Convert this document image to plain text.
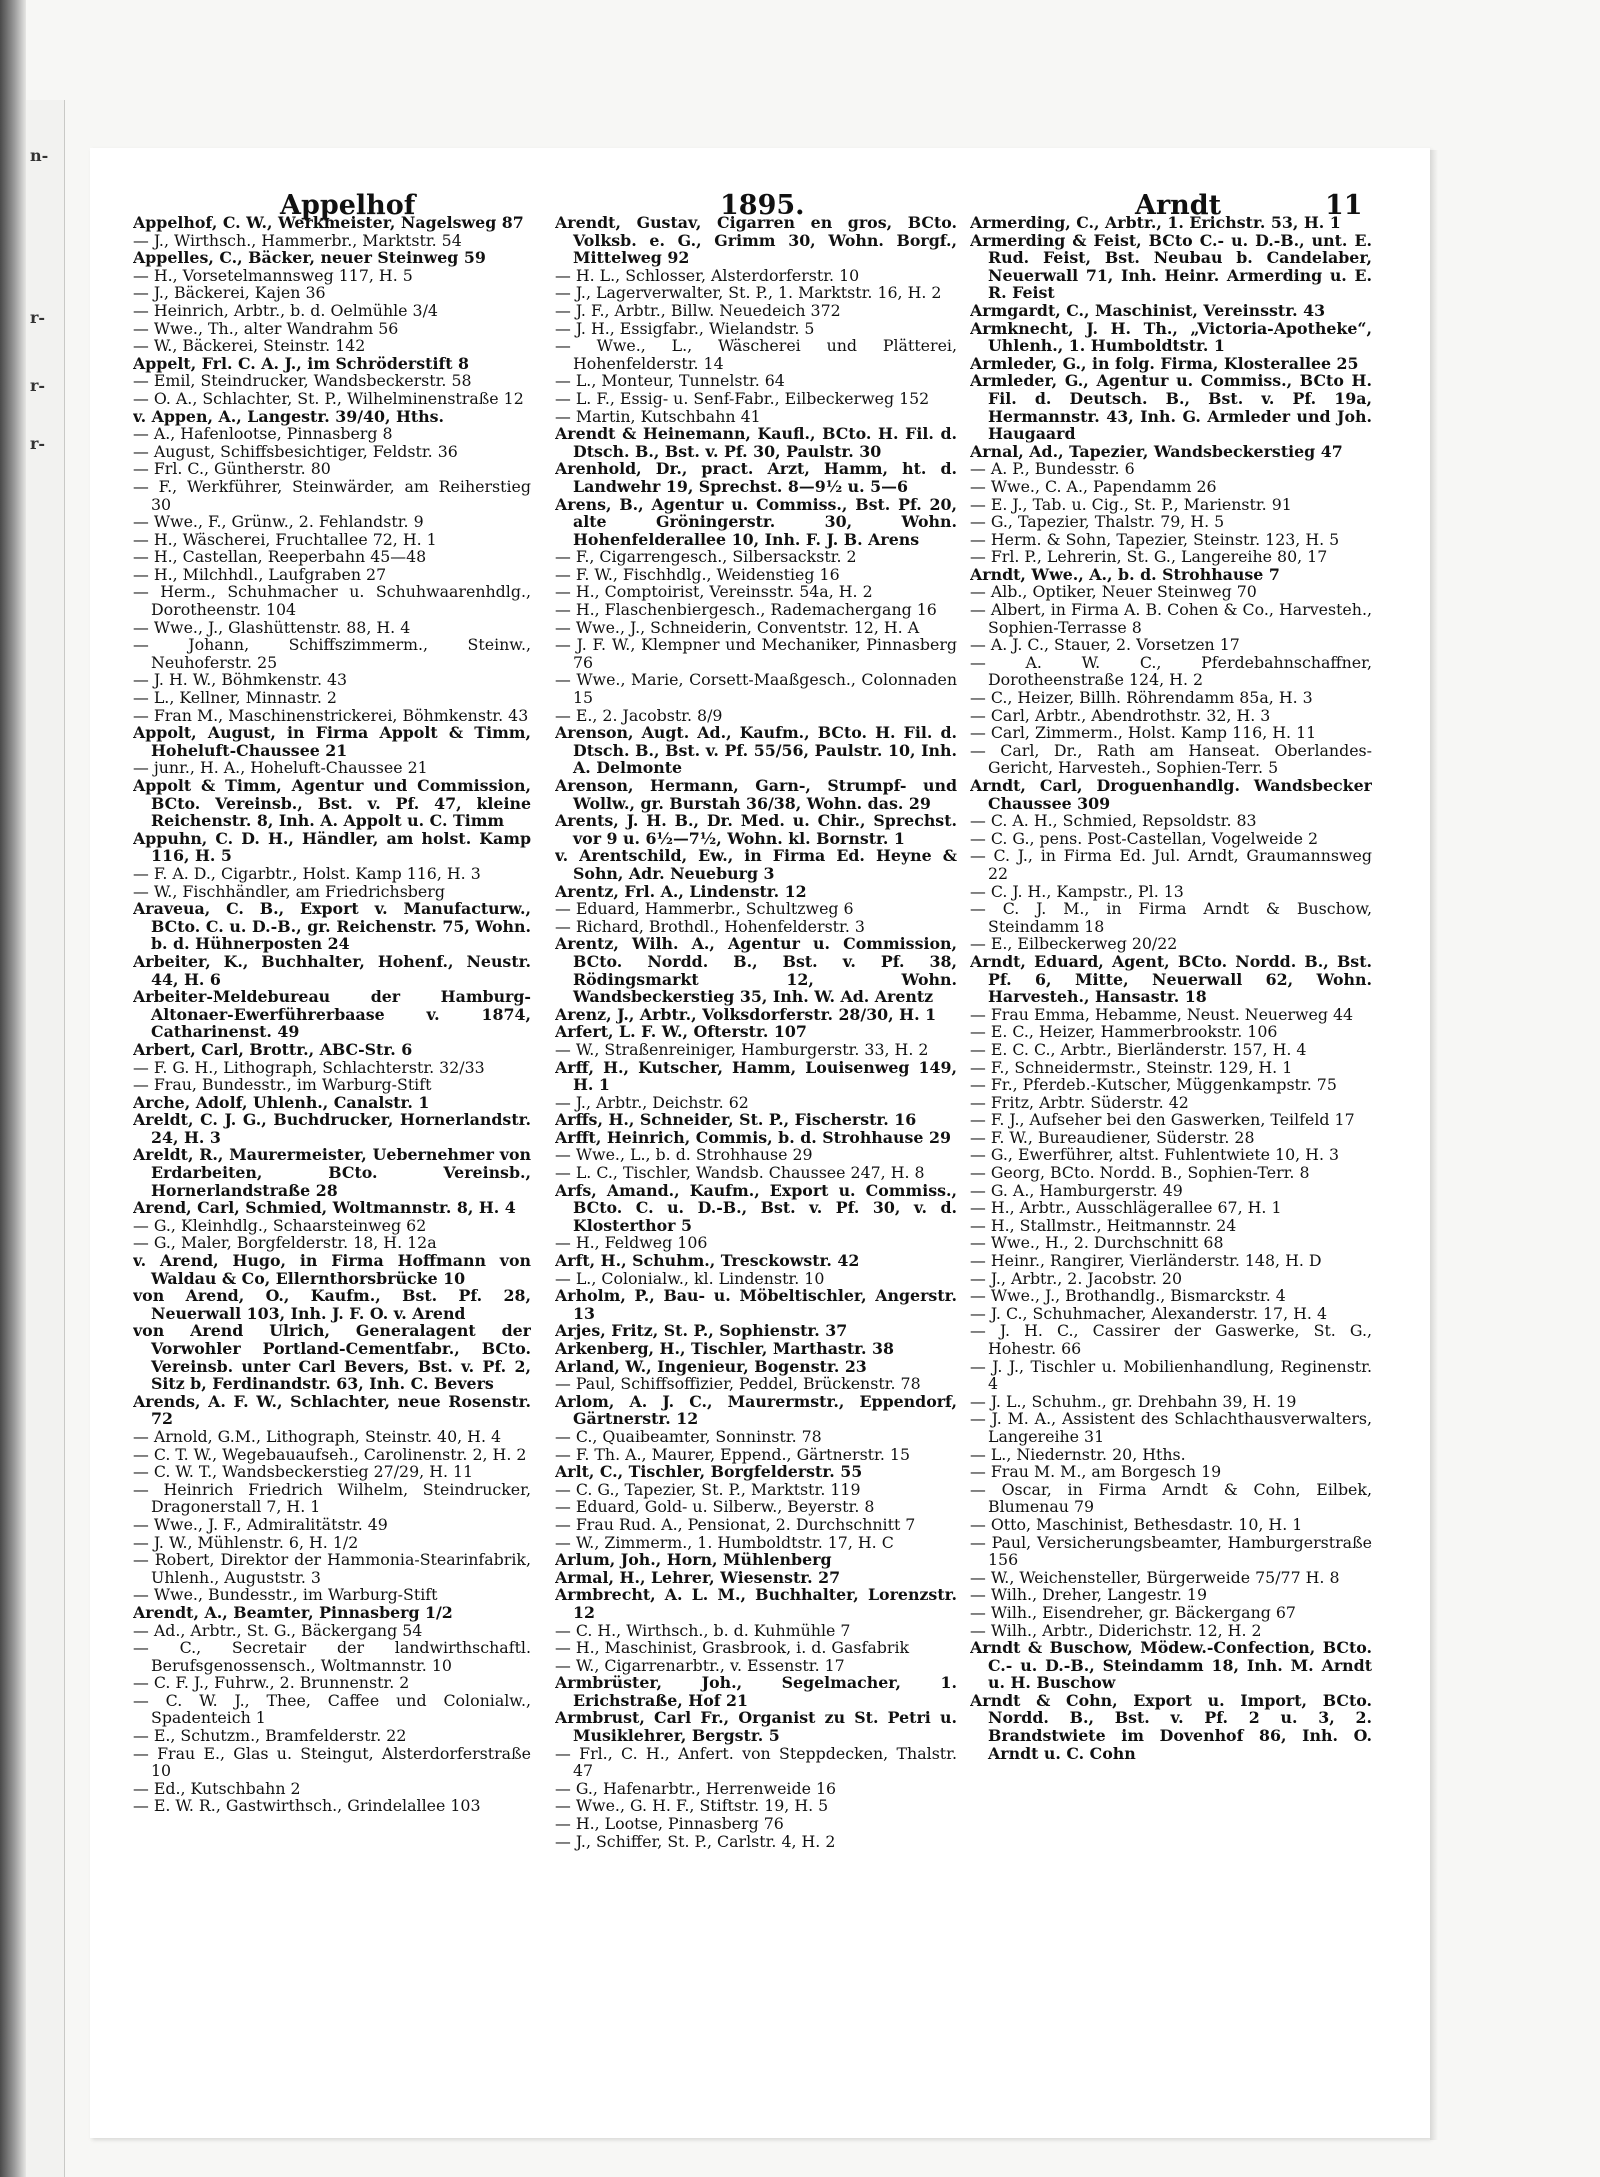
n-
r-
r-
r-
Appelhof	1895.	Arndt	11

Appelhof, C. W., Werkmeister, Nagelsweg 87

— J., Wirthsch., Hammerbr., Marktstr. 54

Appelles, C., Bäcker, neuer Steinweg 59

— H., Vorsetelmannsweg 117, H. 5

— J., Bäckerei, Kajen 36

— Heinrich, Arbtr., b. d. Oelmühle 3/4

— Wwe., Th., alter Wandrahm 56

— W., Bäckerei, Steinstr. 142

Appelt, Frl. C. A. J., im Schröderstift 8

— Emil, Steindrucker, Wandsbeckerstr. 58

— O. A., Schlachter, St. P., Wilhelminenstraße 12

v. Appen, A., Langestr. 39/40, Hths.

— A., Hafenlootse, Pinnasberg 8

— August, Schiffsbesichtiger, Feldstr. 36

— Frl. C., Güntherstr. 80

— F., Werkführer, Steinwärder, am Reiherstieg 30

— Wwe., F., Grünw., 2. Fehlandstr. 9

— H., Wäscherei, Fruchtallee 72, H. 1

— H., Castellan, Reeperbahn 45—48

— H., Milchhdl., Laufgraben 27

— Herm., Schuhmacher u. Schuhwaarenhdlg., Dorotheenstr. 104

— Wwe., J., Glashüttenstr. 88, H. 4

— Johann, Schiffszimmerm., Steinw., Neuhoferstr. 25

— J. H. W., Böhmkenstr. 43

— L., Kellner, Minnastr. 2

— Fran M., Maschinenstrickerei, Böhmkenstr. 43

Appolt, August, in Firma Appolt & Timm, Hoheluft-Chaussee 21

— junr., H. A., Hoheluft-Chaussee 21

Appolt & Timm, Agentur und Commission, BCto. Vereinsb., Bst. v. Pf. 47, kleine Reichenstr. 8, Inh. A. Appolt u. C. Timm

Appuhn, C. D. H., Händler, am holst. Kamp 116, H. 5

— F. A. D., Cigarbtr., Holst. Kamp 116, H. 3

— W., Fischhändler, am Friedrichsberg

Araveua, C. B., Export v. Manufacturw., BCto. C. u. D.-B., gr. Reichenstr. 75, Wohn. b. d. Hühnerposten 24

Arbeiter, K., Buchhalter, Hohenf., Neustr. 44, H. 6

Arbeiter-Meldebureau der Hamburg-Altonaer-Ewerführerbaase v. 1874, Catharinenst. 49

Arbert, Carl, Brottr., ABC-Str. 6

— F. G. H., Lithograph, Schlachterstr. 32/33

— Frau, Bundesstr., im Warburg-Stift

Arche, Adolf, Uhlenh., Canalstr. 1

Areldt, C. J. G., Buchdrucker, Hornerlandstr. 24, H. 3

Areldt, R., Maurermeister, Uebernehmer von Erdarbeiten, BCto. Vereinsb., Hornerlandstraße 28

Arend, Carl, Schmied, Woltmannstr. 8, H. 4

— G., Kleinhdlg., Schaarsteinweg 62

— G., Maler, Borgfelderstr. 18, H. 12a

v. Arend, Hugo, in Firma Hoffmann von Waldau & Co, Ellernthorsbrücke 10

von Arend, O., Kaufm., Bst. Pf. 28, Neuerwall 103, Inh. J. F. O. v. Arend

von Arend Ulrich, Generalagent der Vorwohler Portland-Cementfabr., BCto. Vereinsb. unter Carl Bevers, Bst. v. Pf. 2, Sitz b, Ferdinandstr. 63, Inh. C. Bevers

Arends, A. F. W., Schlachter, neue Rosenstr. 72

— Arnold, G.M., Lithograph, Steinstr. 40, H. 4

— C. T. W., Wegebauaufseh., Carolinenstr. 2, H. 2

— C. W. T., Wandsbeckerstieg 27/29, H. 11

— Heinrich Friedrich Wilhelm, Steindrucker, Dragonerstall 7, H. 1

— Wwe., J. F., Admiralitätstr. 49

— J. W., Mühlenstr. 6, H. 1/2

— Robert, Direktor der Hammonia-Stearinfabrik, Uhlenh., Auguststr. 3

— Wwe., Bundesstr., im Warburg-Stift

Arendt, A., Beamter, Pinnasberg 1/2

— Ad., Arbtr., St. G., Bäckergang 54

— C., Secretair der landwirthschaftl. Berufsgenossensch., Woltmannstr. 10

— C. F. J., Fuhrw., 2. Brunnenstr. 2

— C. W. J., Thee, Caffee und Colonialw., Spadenteich 1

— E., Schutzm., Bramfelderstr. 22

— Frau E., Glas u. Steingut, Alsterdorferstraße 10

— Ed., Kutschbahn 2

— E. W. R., Gastwirthsch., Grindelallee 103

Arendt, Gustav, Cigarren en gros, BCto. Volksb. e. G., Grimm 30, Wohn. Borgf., Mittelweg 92

— H. L., Schlosser, Alsterdorferstr. 10

— J., Lagerverwalter, St. P., 1. Marktstr. 16, H. 2

— J. F., Arbtr., Billw. Neuedeich 372

— J. H., Essigfabr., Wielandstr. 5

— Wwe., L., Wäscherei und Plätterei, Hohenfelderstr. 14

— L., Monteur, Tunnelstr. 64

— L. F., Essig- u. Senf-Fabr., Eilbeckerweg 152

— Martin, Kutschbahn 41

Arendt & Heinemann, Kaufl., BCto. H. Fil. d. Dtsch. B., Bst. v. Pf. 30, Paulstr. 30

Arenhold, Dr., pract. Arzt, Hamm, ht. d. Landwehr 19, Sprechst. 8—9½ u. 5—6

Arens, B., Agentur u. Commiss., Bst. Pf. 20, alte Gröningerstr. 30, Wohn. Hohenfelderallee 10, Inh. F. J. B. Arens

— F., Cigarrengesch., Silbersackstr. 2

— F. W., Fischhdlg., Weidenstieg 16

— H., Comptoirist, Vereinsstr. 54a, H. 2

— H., Flaschenbiergesch., Rademachergang 16

— Wwe., J., Schneiderin, Conventstr. 12, H. A

— J. F. W., Klempner und Mechaniker, Pinnasberg 76

— Wwe., Marie, Corsett-Maaßgesch., Colonnaden 15

— E., 2. Jacobstr. 8/9

Arenson, Augt. Ad., Kaufm., BCto. H. Fil. d. Dtsch. B., Bst. v. Pf. 55/56, Paulstr. 10, Inh. A. Delmonte

Arenson, Hermann, Garn-, Strumpf- und Wollw., gr. Burstah 36/38, Wohn. das. 29

Arents, J. H. B., Dr. Med. u. Chir., Sprechst. vor 9 u. 6½—7½, Wohn. kl. Bornstr. 1

v. Arentschild, Ew., in Firma Ed. Heyne & Sohn, Adr. Neueburg 3

Arentz, Frl. A., Lindenstr. 12

— Eduard, Hammerbr., Schultzweg 6

— Richard, Brothdl., Hohenfelderstr. 3

Arentz, Wilh. A., Agentur u. Commission, BCto. Nordd. B., Bst. v. Pf. 38, Rödingsmarkt 12, Wohn. Wandsbeckerstieg 35, Inh. W. Ad. Arentz

Arenz, J., Arbtr., Volksdorferstr. 28/30, H. 1

Arfert, L. F. W., Ofterstr. 107

— W., Straßenreiniger, Hamburgerstr. 33, H. 2

Arff, H., Kutscher, Hamm, Louisenweg 149, H. 1

— J., Arbtr., Deichstr. 62

Arffs, H., Schneider, St. P., Fischerstr. 16

Arfft, Heinrich, Commis, b. d. Strohhause 29

— Wwe., L., b. d. Strohhause 29

— L. C., Tischler, Wandsb. Chaussee 247, H. 8

Arfs, Amand., Kaufm., Export u. Commiss., BCto. C. u. D.-B., Bst. v. Pf. 30, v. d. Klosterthor 5

— H., Feldweg 106

Arft, H., Schuhm., Tresckowstr. 42

— L., Colonialw., kl. Lindenstr. 10

Arholm, P., Bau- u. Möbeltischler, Angerstr. 13

Arjes, Fritz, St. P., Sophienstr. 37

Arkenberg, H., Tischler, Marthastr. 38

Arland, W., Ingenieur, Bogenstr. 23

— Paul, Schiffsoffizier, Peddel, Brückenstr. 78

Arlom, A. J. C., Maurermstr., Eppendorf, Gärtnerstr. 12

— C., Quaibeamter, Sonninstr. 78

— F. Th. A., Maurer, Eppend., Gärtnerstr. 15

Arlt, C., Tischler, Borgfelderstr. 55

— C. G., Tapezier, St. P., Marktstr. 119

— Eduard, Gold- u. Silberw., Beyerstr. 8

— Frau Rud. A., Pensionat, 2. Durchschnitt 7

— W., Zimmerm., 1. Humboldtstr. 17, H. C

Arlum, Joh., Horn, Mühlenberg

Armal, H., Lehrer, Wiesenstr. 27

Armbrecht, A. L. M., Buchhalter, Lorenzstr. 12

— C. H., Wirthsch., b. d. Kuhmühle 7

— H., Maschinist, Grasbrook, i. d. Gasfabrik

— W., Cigarrenarbtr., v. Essenstr. 17

Armbrüster, Joh., Segelmacher, 1. Erichstraße, Hof 21

Armbrust, Carl Fr., Organist zu St. Petri u. Musiklehrer, Bergstr. 5

— Frl., C. H., Anfert. von Steppdecken, Thalstr. 47

— G., Hafenarbtr., Herrenweide 16

— Wwe., G. H. F., Stiftstr. 19, H. 5

— H., Lootse, Pinnasberg 76

— J., Schiffer, St. P., Carlstr. 4, H. 2

Armerding, C., Arbtr., 1. Erichstr. 53, H. 1

Armerding & Feist, BCto C.- u. D.-B., unt. E. Rud. Feist, Bst. Neubau b. Candelaber, Neuerwall 71, Inh. Heinr. Armerding u. E. R. Feist

Armgardt, C., Maschinist, Vereinsstr. 43

Armknecht, J. H. Th., „Victoria-Apotheke“, Uhlenh., 1. Humboldtstr. 1

Armleder, G., in folg. Firma, Klosterallee 25

Armleder, G., Agentur u. Commiss., BCto H. Fil. d. Deutsch. B., Bst. v. Pf. 19a, Hermannstr. 43, Inh. G. Armleder und Joh. Haugaard

Arnal, Ad., Tapezier, Wandsbeckerstieg 47

— A. P., Bundesstr. 6

— Wwe., C. A., Papendamm 26

— E. J., Tab. u. Cig., St. P., Marienstr. 91

— G., Tapezier, Thalstr. 79, H. 5

— Herm. & Sohn, Tapezier, Steinstr. 123, H. 5

— Frl. P., Lehrerin, St. G., Langereihe 80, 17

Arndt, Wwe., A., b. d. Strohhause 7

— Alb., Optiker, Neuer Steinweg 70

— Albert, in Firma A. B. Cohen & Co., Harvesteh., Sophien-Terrasse 8

— A. J. C., Stauer, 2. Vorsetzen 17

— A. W. C., Pferdebahnschaffner, Dorotheenstraße 124, H. 2

— C., Heizer, Billh. Röhrendamm 85a, H. 3

— Carl, Arbtr., Abendrothstr. 32, H. 3

— Carl, Zimmerm., Holst. Kamp 116, H. 11

— Carl, Dr., Rath am Hanseat. Oberlandes-Gericht, Harvesteh., Sophien-Terr. 5

Arndt, Carl, Droguenhandlg. Wandsbecker Chaussee 309

— C. A. H., Schmied, Repsoldstr. 83

— C. G., pens. Post-Castellan, Vogelweide 2

— C. J., in Firma Ed. Jul. Arndt, Graumannsweg 22

— C. J. H., Kampstr., Pl. 13

— C. J. M., in Firma Arndt & Buschow, Steindamm 18

— E., Eilbeckerweg 20/22

Arndt, Eduard, Agent, BCto. Nordd. B., Bst. Pf. 6, Mitte, Neuerwall 62, Wohn. Harvesteh., Hansastr. 18

— Frau Emma, Hebamme, Neust. Neuerweg 44

— E. C., Heizer, Hammerbrookstr. 106

— E. C. C., Arbtr., Bierländerstr. 157, H. 4

— F., Schneidermstr., Steinstr. 129, H. 1

— Fr., Pferdeb.-Kutscher, Müggenkampstr. 75

— Fritz, Arbtr. Süderstr. 42

— F. J., Aufseher bei den Gaswerken, Teilfeld 17

— F. W., Bureaudiener, Süderstr. 28

— G., Ewerführer, altst. Fuhlentwiete 10, H. 3

— Georg, BCto. Nordd. B., Sophien-Terr. 8

— G. A., Hamburgerstr. 49

— H., Arbtr., Ausschlägerallee 67, H. 1

— H., Stallmstr., Heitmannstr. 24

— Wwe., H., 2. Durchschnitt 68

— Heinr., Rangirer, Vierländerstr. 148, H. D

— J., Arbtr., 2. Jacobstr. 20

— Wwe., J., Brothandlg., Bismarckstr. 4

— J. C., Schuhmacher, Alexanderstr. 17, H. 4

— J. H. C., Cassirer der Gaswerke, St. G., Hohestr. 66

— J. J., Tischler u. Mobilienhandlung, Reginenstr. 4

— J. L., Schuhm., gr. Drehbahn 39, H. 19

— J. M. A., Assistent des Schlachthausverwalters, Langereihe 31

— L., Niedernstr. 20, Hths.

— Frau M. M., am Borgesch 19

— Oscar, in Firma Arndt & Cohn, Eilbek, Blumenau 79

— Otto, Maschinist, Bethesdastr. 10, H. 1

— Paul, Versicherungsbeamter, Hamburgerstraße 156

— W., Weichensteller, Bürgerweide 75/77 H. 8

— Wilh., Dreher, Langestr. 19

— Wilh., Eisendreher, gr. Bäckergang 67

— Wilh., Arbtr., Diderichstr. 12, H. 2

Arndt & Buschow, Mödew.-Confection, BCto. C.- u. D.-B., Steindamm 18, Inh. M. Arndt u. H. Buschow

Arndt & Cohn, Export u. Import, BCto. Nordd. B., Bst. v. Pf. 2 u. 3, 2. Brandstwiete im Dovenhof 86, Inh. O. Arndt u. C. Cohn
